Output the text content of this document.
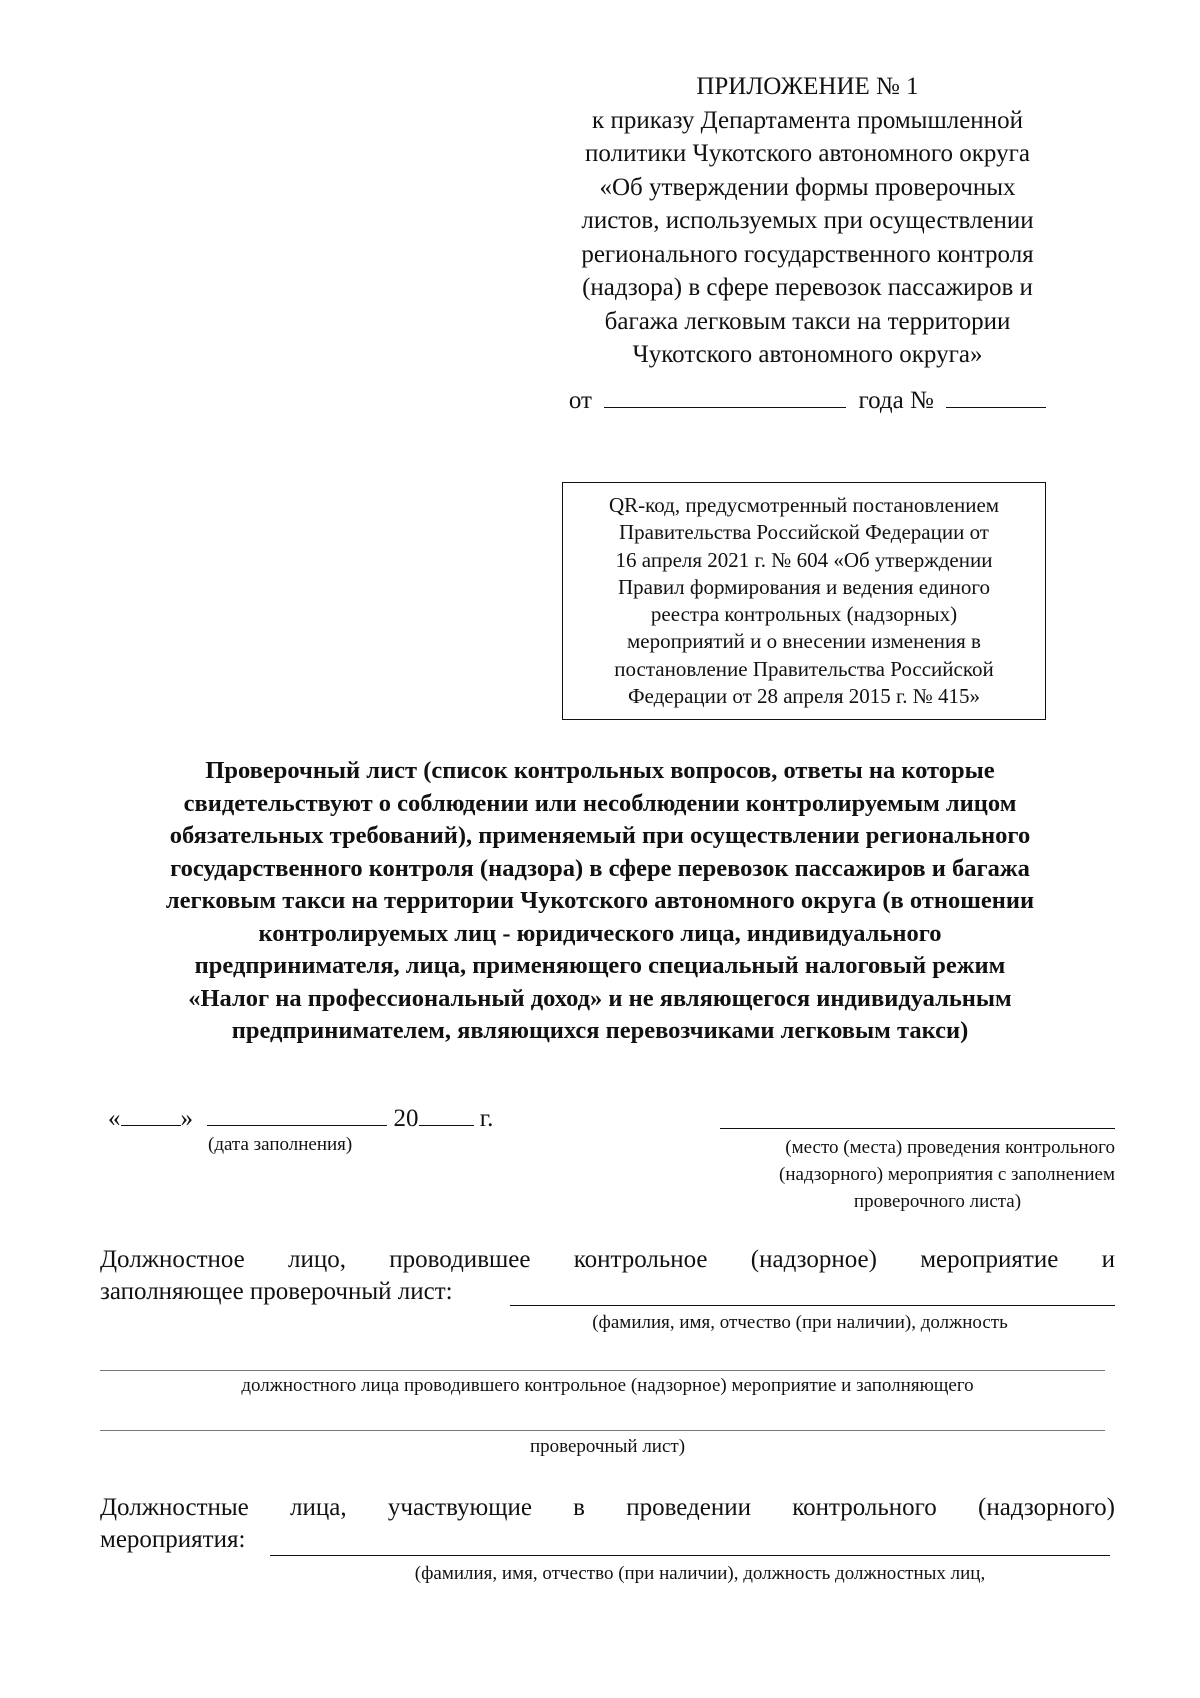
ПРИЛОЖЕНИЕ № 1
к приказу Департамента промышленной
политики Чукотского автономного округа
«Об утверждении формы проверочных
листов, используемых при осуществлении
регионального государственного контроля
(надзора) в сфере перевозок пассажиров и
багажа легковым такси на территории
Чукотского автономного округа»
от	года №
QR-код, предусмотренный постановлением
Правительства Российской Федерации от
16 апреля 2021 г. № 604 «Об утверждении
Правил формирования и ведения единого
реестра контрольных (надзорных)
мероприятий и о внесении изменения в
постановление Правительства Российской
Федерации от 28 апреля 2015 г. № 415»
Проверочный лист (список контрольных вопросов, ответы на которые
свидетельствуют о соблюдении или несоблюдении контролируемым лицом
обязательных требований), применяемый при осуществлении регионального
государственного контроля (надзора) в сфере перевозок пассажиров и багажа
легковым такси на территории Чукотского автономного округа (в отношении
контролируемых лиц - юридического лица, индивидуального
предпринимателя, лица, применяющего специальный налоговый режим
«Налог на профессиональный доход» и не являющегося индивидуальным
предпринимателем, являющихся перевозчиками легковым такси)
« »	20 г.
(дата заполнения)	(место (места) проведения контрольного
(надзорного) мероприятия с заполнением
проверочного листа)
Должностное лицо, проводившее контрольное (надзорное) мероприятие и
заполняющее проверочный лист:
(фамилия, имя, отчество (при наличии), должность
должностного лица проводившего контрольное (надзорное) мероприятие и заполняющего
проверочный лист)
Должностные лица, участвующие в проведении контрольного (надзорного)
мероприятия:
(фамилия, имя, отчество (при наличии), должность должностных лиц,
